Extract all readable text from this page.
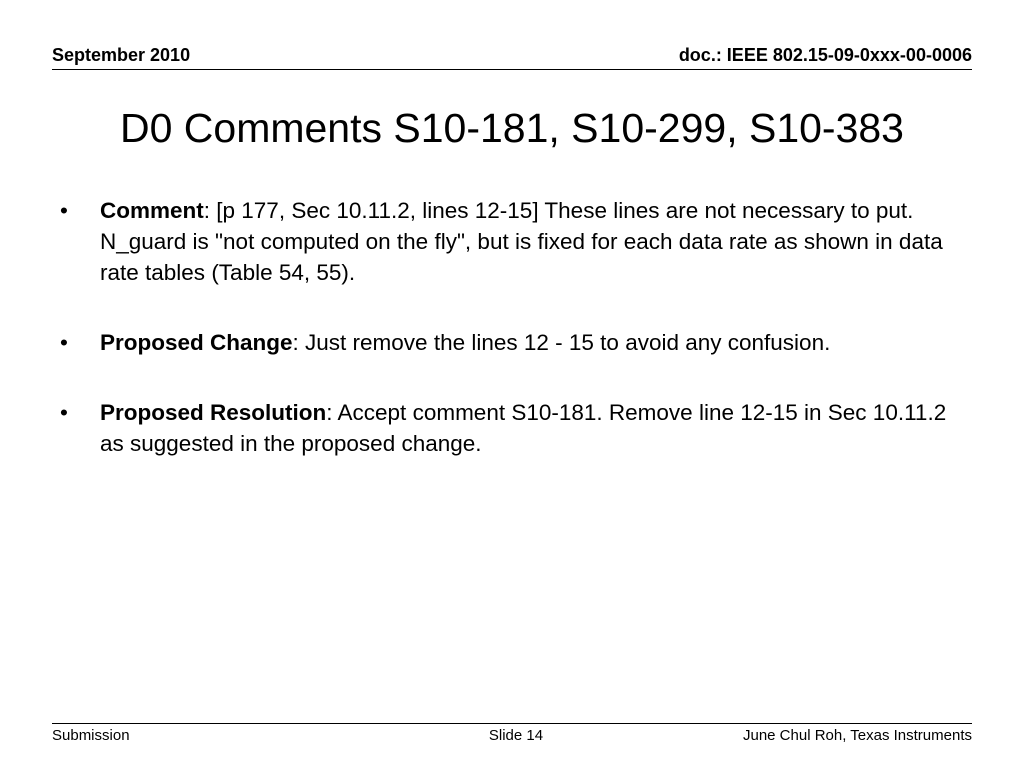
September 2010	doc.: IEEE 802.15-09-0xxx-00-0006
D0 Comments S10-181, S10-299, S10-383
• Comment: [p 177, Sec 10.11.2, lines 12-15] These lines are not necessary to put. N_guard is "not computed on the fly", but is fixed for each data rate as shown in data rate tables (Table 54, 55).
• Proposed Change: Just remove the lines 12 - 15 to avoid any confusion.
• Proposed Resolution: Accept comment S10-181. Remove line 12-15 in Sec 10.11.2 as suggested in the proposed change.
Submission	Slide 14	June Chul Roh, Texas Instruments
